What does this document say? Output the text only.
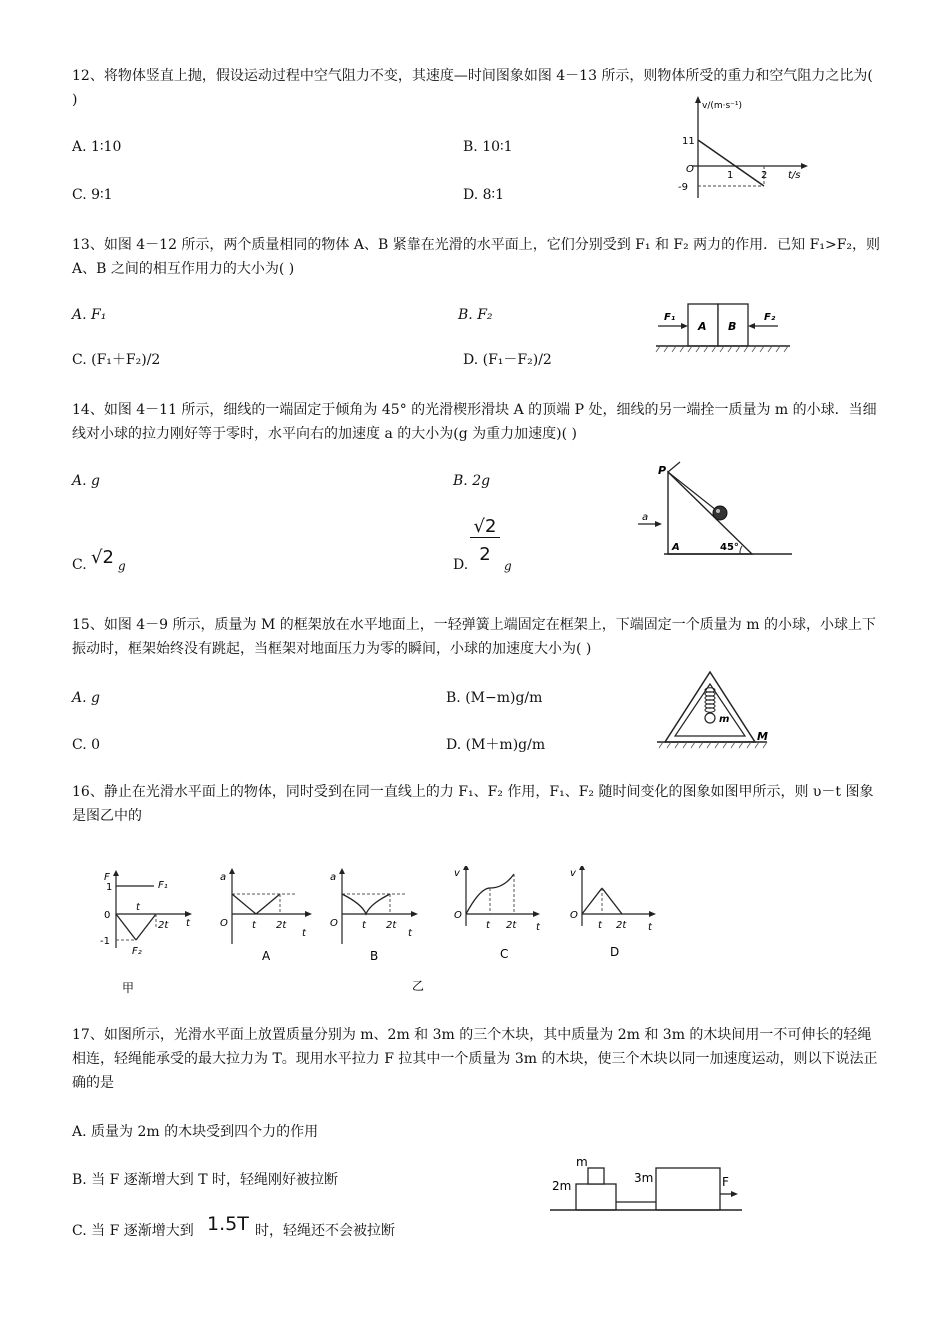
12、将物体竖直上抛，假设运动过程中空气阻力不变，其速度—时间图象如图 4－13 所示，则物体所受的重力和空气阻力之比为( )
A. 1∶10	B. 10∶1
C. 9∶1	D. 8∶1
v/(m·s⁻¹)
11
O
-9
1	2 t/s
13、如图 4－12 所示，两个质量相同的物体 A、B 紧靠在光滑的水平面上，它们分别受到 F₁ 和 F₂ 两力的作用．已知 F₁>F₂，则 A、B 之间的相互作用力的大小为( )
A. F₁	B. F₂
C. (F₁＋F₂)/2	D. (F₁－F₂)/2
F₁	F₂
A B
14、如图 4－11 所示，细线的一端固定于倾角为 45° 的光滑楔形滑块 A 的顶端 P 处，细线的另一端拴一质量为 m 的小球．当细线对小球的拉力刚好等于零时，水平向右的加速度 a 的大小为(g 为重力加速度)( )
A. g	B. 2g
C. √2 g	D.
√2
2
g
P
a
A	45°
15、如图 4－9 所示，质量为 M 的框架放在水平地面上，一轻弹簧上端固定在框架上，下端固定一个质量为 m 的小球，小球上下振动时，框架始终没有跳起，当框架对地面压力为零的瞬间，小球的加速度大小为( )
A. g	B. (M−m)g/m
C. 0	D. (M＋m)g/m
m
M
16、静止在光滑水平面上的物体，同时受到在同一直线上的力 F₁、F₂ 作用，F₁、F₂ 随时间变化的图象如图甲所示，则 υ－t 图象是图乙中的
F
1
0
-1
F₁
F₂
t
2t t
甲
a
O t 2t
t
A
a
O t 2t
t
B
v
O
t 2t t
C
v
O
t 2t t
D
乙
17、如图所示，光滑水平面上放置质量分别为 m、2m 和 3m 的三个木块，其中质量为 2m 和 3m 的木块间用一不可伸长的轻绳相连，轻绳能承受的最大拉力为 T。现用水平拉力 F 拉其中一个质量为 3m 的木块，使三个木块以同一加速度运动，则以下说法正确的是
A. 质量为 2m 的木块受到四个力的作用
B. 当 F 逐渐增大到 T 时，轻绳刚好被拉断
C. 当 F 逐渐增大到 1.5T 时，轻绳还不会被拉断
m
2m
3m	F
